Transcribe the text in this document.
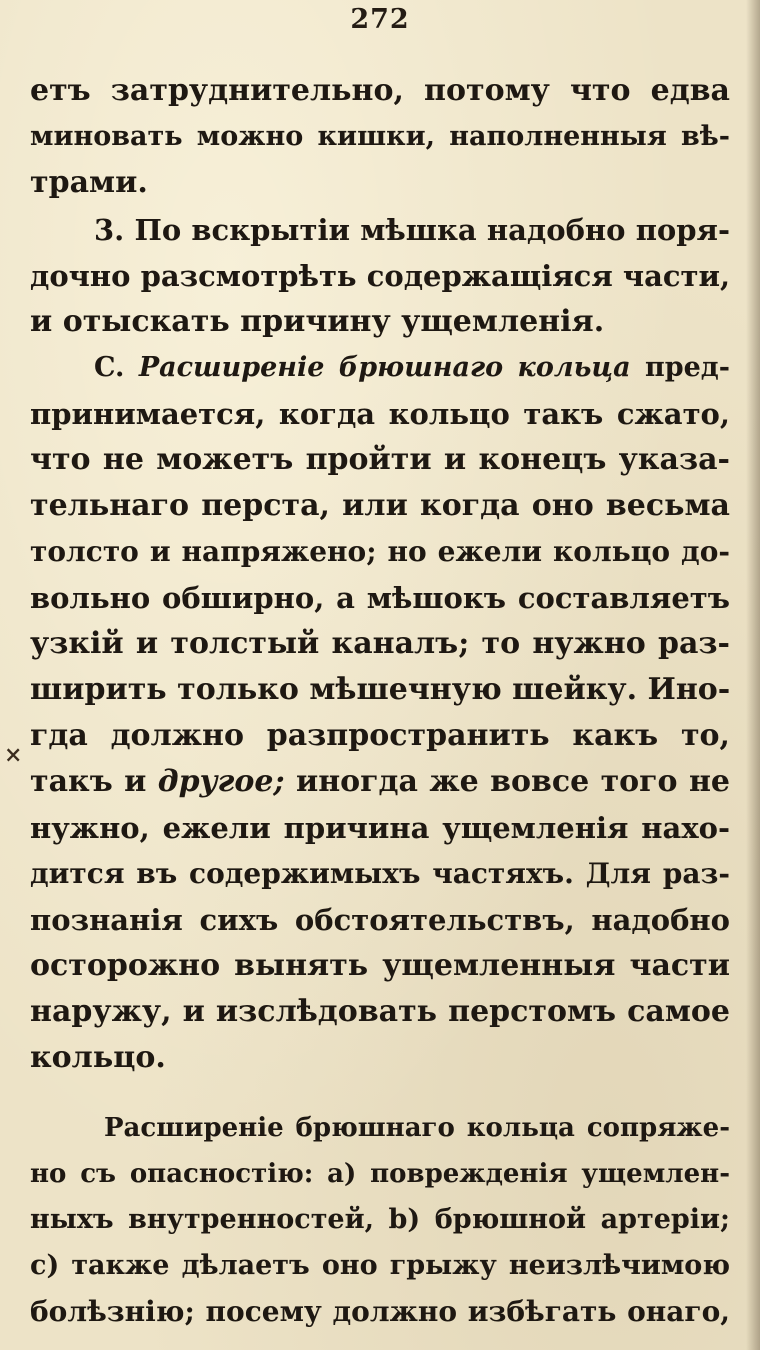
272
етъ затруднительно, потому что едва
миновать можно кишки, наполненныя вѣ-
трами.
3. По вскрытіи мѣшка надобно поря-
дочно разсмотрѣть содержащіяся части,
и отыскать причину ущемленія.
C. Расширеніе брюшнаго кольца пред-
принимается, когда кольцо такъ сжато,
что не можетъ пройти и конецъ указа-
тельнаго перста, или когда оно весьма
толсто и напряжено; но ежели кольцо до-
вольно обширно, а мѣшокъ составляетъ
узкій и толстый каналъ; то нужно раз-
ширить только мѣшечную шейку. Ино-
гда должно разпространить какъ то,
такъ и другое; иногда же вовсе того не
нужно, ежели причина ущемленія нахо-
дится въ содержимыхъ частяхъ. Для раз-
познанія сихъ обстоятельствъ, надобно
осторожно вынять ущемленныя части
наружу, и изслѣдовать перстомъ самое
кольцо.
Расширеніе брюшнаго кольца сопряже-
но съ опасностію: a) поврежденія ущемлен-
ныхъ внутренностей, b) брюшной артеріи;
c) также дѣлаетъ оно грыжу неизлѣчимою
болѣзнію; посему должно избѣгать онаго,
×
